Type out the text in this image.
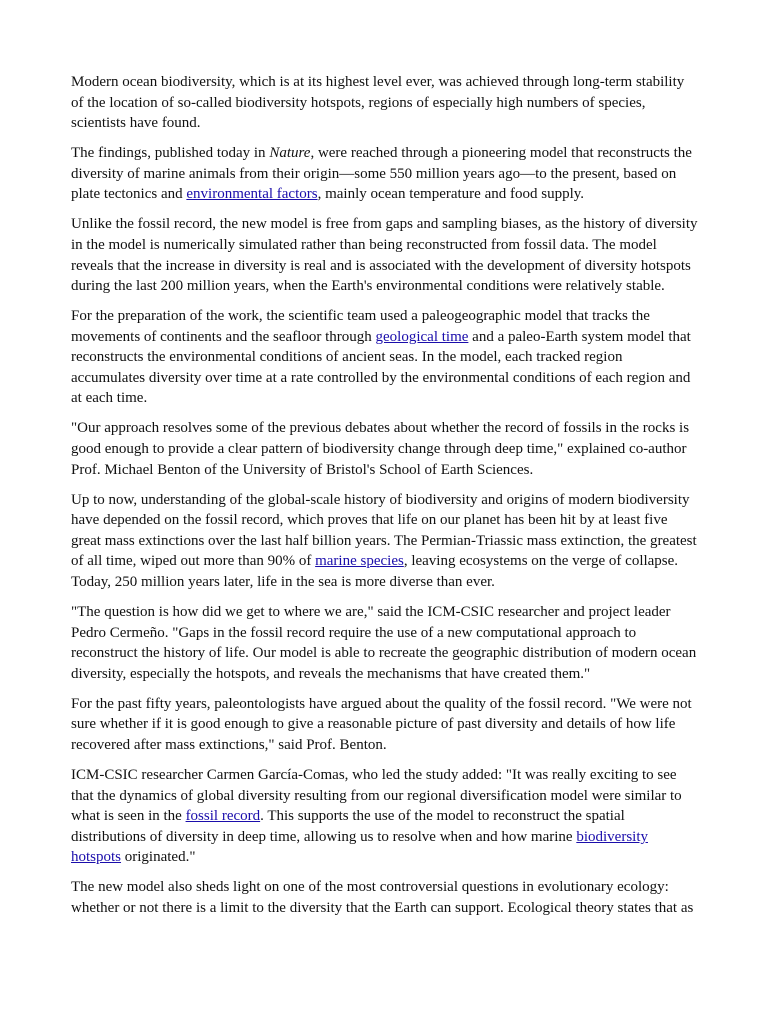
Modern ocean biodiversity, which is at its highest level ever, was achieved through long-term stability of the location of so-called biodiversity hotspots, regions of especially high numbers of species, scientists have found.

The findings, published today in Nature, were reached through a pioneering model that reconstructs the diversity of marine animals from their origin—some 550 million years ago—to the present, based on plate tectonics and environmental factors, mainly ocean temperature and food supply.

Unlike the fossil record, the new model is free from gaps and sampling biases, as the history of diversity in the model is numerically simulated rather than being reconstructed from fossil data. The model reveals that the increase in diversity is real and is associated with the development of diversity hotspots during the last 200 million years, when the Earth's environmental conditions were relatively stable.

For the preparation of the work, the scientific team used a paleogeographic model that tracks the movements of continents and the seafloor through geological time and a paleo-Earth system model that reconstructs the environmental conditions of ancient seas. In the model, each tracked region accumulates diversity over time at a rate controlled by the environmental conditions of each region and at each time.

"Our approach resolves some of the previous debates about whether the record of fossils in the rocks is good enough to provide a clear pattern of biodiversity change through deep time," explained co-author Prof. Michael Benton of the University of Bristol's School of Earth Sciences.

Up to now, understanding of the global-scale history of biodiversity and origins of modern biodiversity have depended on the fossil record, which proves that life on our planet has been hit by at least five great mass extinctions over the last half billion years. The Permian-Triassic mass extinction, the greatest of all time, wiped out more than 90% of marine species, leaving ecosystems on the verge of collapse. Today, 250 million years later, life in the sea is more diverse than ever.

"The question is how did we get to where we are," said the ICM-CSIC researcher and project leader Pedro Cermeño. "Gaps in the fossil record require the use of a new computational approach to reconstruct the history of life. Our model is able to recreate the geographic distribution of modern ocean diversity, especially the hotspots, and reveals the mechanisms that have created them."

For the past fifty years, paleontologists have argued about the quality of the fossil record. "We were not sure whether if it is good enough to give a reasonable picture of past diversity and details of how life recovered after mass extinctions," said Prof. Benton.

ICM-CSIC researcher Carmen García-Comas, who led the study added: "It was really exciting to see that the dynamics of global diversity resulting from our regional diversification model were similar to what is seen in the fossil record. This supports the use of the model to reconstruct the spatial distributions of diversity in deep time, allowing us to resolve when and how marine biodiversity hotspots originated."

The new model also sheds light on one of the most controversial questions in evolutionary ecology: whether or not there is a limit to the diversity that the Earth can support. Ecological theory states that as
